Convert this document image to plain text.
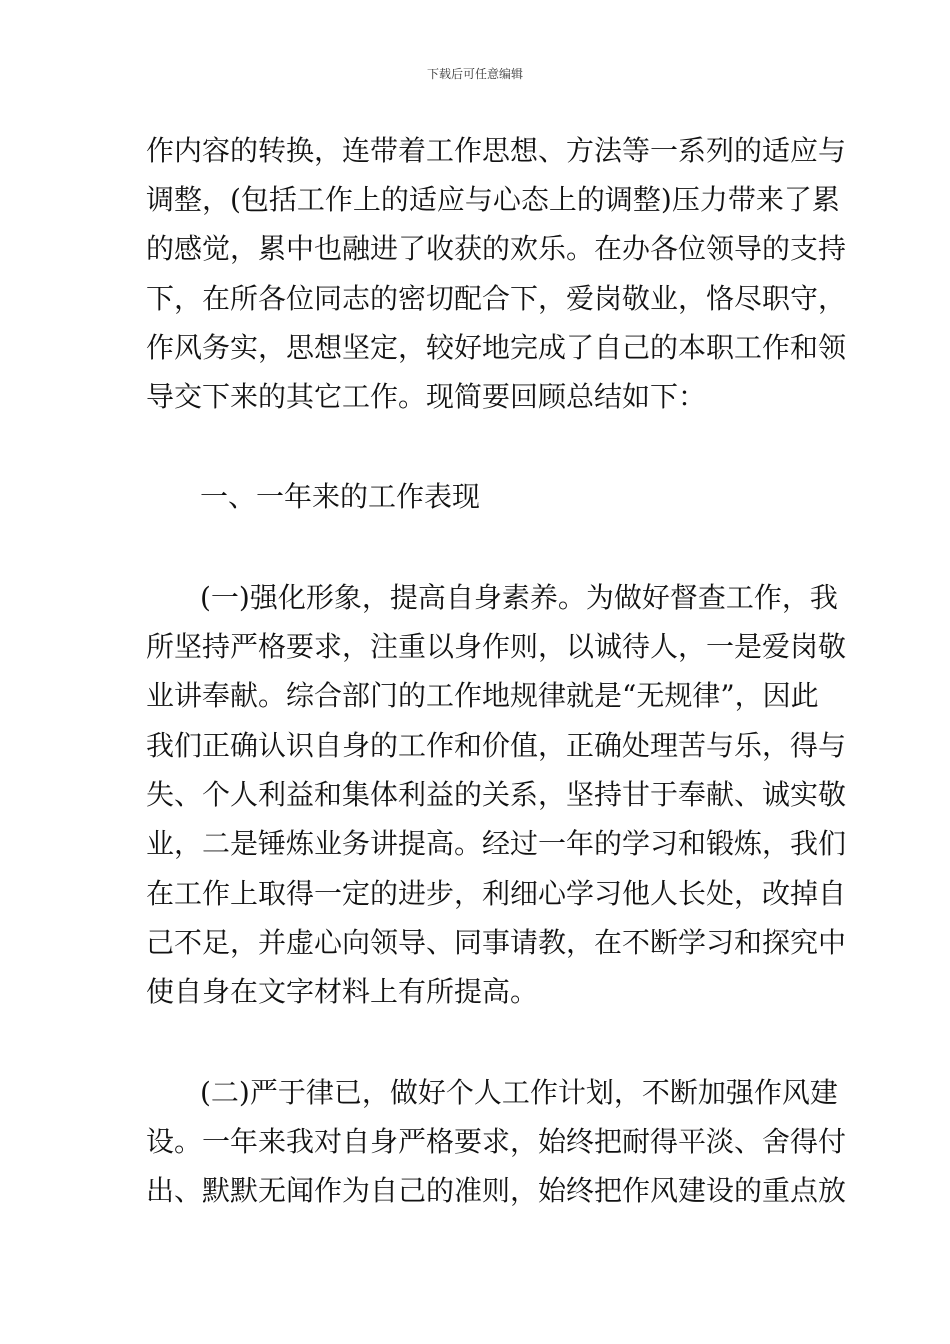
下载后可任意编辑
作内容的转换，连带着工作思想、方法等一系列的适应与
调整，(包括工作上的适应与心态上的调整)压力带来了累
的感觉，累中也融进了收获的欢乐。在办各位领导的支持
下，在所各位同志的密切配合下，爱岗敬业，恪尽职守，
作风务实，思想坚定，较好地完成了自己的本职工作和领
导交下来的其它工作。现简要回顾总结如下：
一、一年来的工作表现
(一)强化形象，提高自身素养。为做好督查工作，我
所坚持严格要求，注重以身作则，以诚待人，一是爱岗敬
业讲奉献。综合部门的工作地规律就是“无规律”，因此
我们正确认识自身的工作和价值，正确处理苦与乐，得与
失、个人利益和集体利益的关系，坚持甘于奉献、诚实敬
业，二是锤炼业务讲提高。经过一年的学习和锻炼，我们
在工作上取得一定的进步，利细心学习他人长处，改掉自
己不足，并虚心向领导、同事请教，在不断学习和探究中
使自身在文字材料上有所提高。
(二)严于律已，做好个人工作计划，不断加强作风建
设。一年来我对自身严格要求，始终把耐得平淡、舍得付
出、默默无闻作为自己的准则，始终把作风建设的重点放
